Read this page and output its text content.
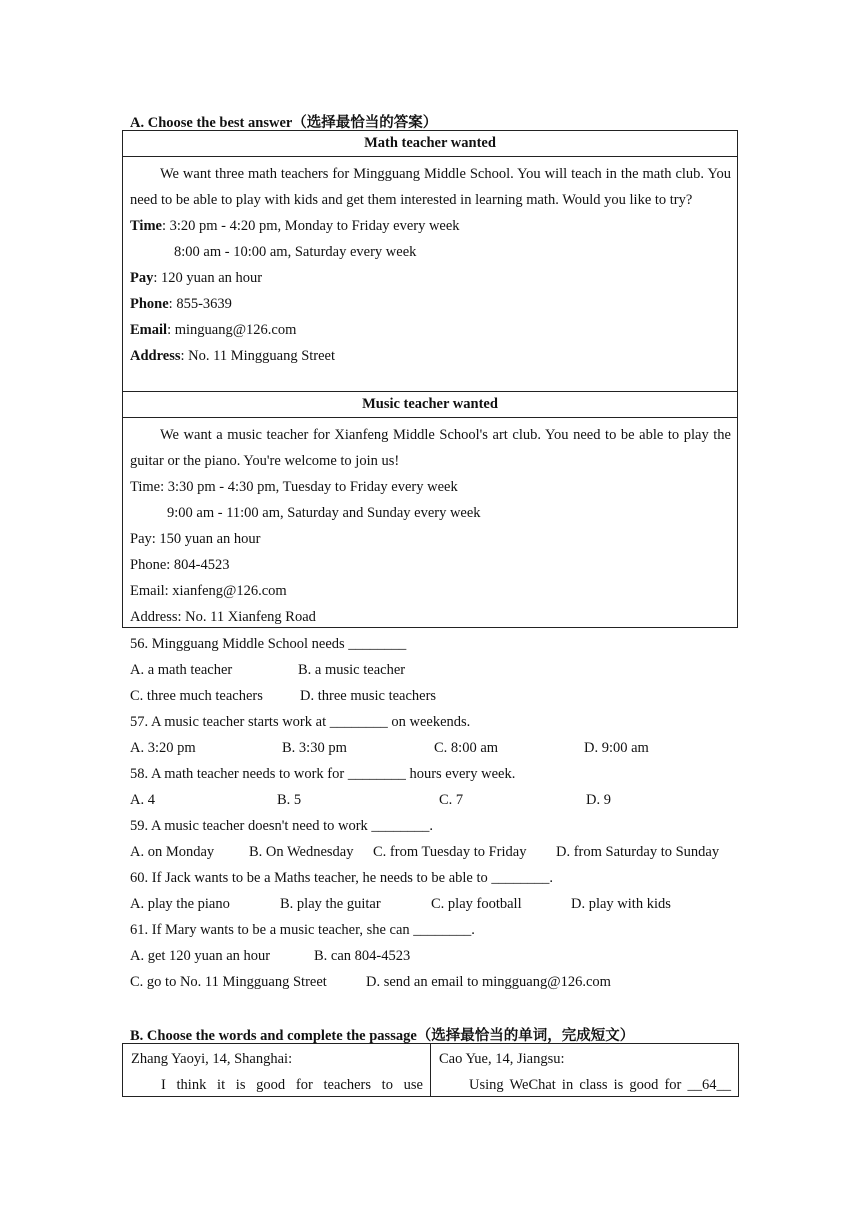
A. Choose the best answer（选择最恰当的答案）
Math teacher wanted
We want three math teachers for Mingguang Middle School. You will teach in the math club. You need to be able to play with kids and get them interested in learning math. Would you like to try?
Time: 3:20 pm - 4:20 pm, Monday to Friday every week
8:00 am - 10:00 am, Saturday every week
Pay: 120 yuan an hour
Phone: 855-3639
Email: minguang@126.com
Address: No. 11 Mingguang Street
Music teacher wanted
We want a music teacher for Xianfeng Middle School's art club. You need to be able to play the guitar or the piano. You're welcome to join us!
Time: 3:30 pm - 4:30 pm, Tuesday to Friday every week
9:00 am - 11:00 am, Saturday and Sunday every week
Pay: 150 yuan an hour
Phone: 804-4523
Email: xianfeng@126.com
Address: No. 11 Xianfeng Road
56. Mingguang Middle School needs ________
A. a math teacher	B. a music teacher
C. three much teachers	D. three music teachers
57. A music teacher starts work at ________ on weekends.
A. 3:20 pm	B. 3:30 pm	C. 8:00 am	D. 9:00 am
58. A math teacher needs to work for ________ hours every week.
A. 4	B. 5	C. 7	D. 9
59. A music teacher doesn't need to work ________.
A. on Monday B. On Wednesday C. from Tuesday to Friday D. from Saturday to Sunday
60. If Jack wants to be a Maths teacher, he needs to be able to ________.
A. play the piano	B. play the guitar	C. play football	D. play with kids
61. If Mary wants to be a music teacher, she can ________.
A. get 120 yuan an hour	B. can 804-4523
C. go to No. 11 Mingguang Street	D. send an email to mingguang@126.com
B. Choose the words and complete the passage（选择最恰当的单词，完成短文）
Zhang Yaoyi, 14, Shanghai:
I think it is good for teachers to use
Cao Yue, 14, Jiangsu:
Using WeChat in class is good for __64__
